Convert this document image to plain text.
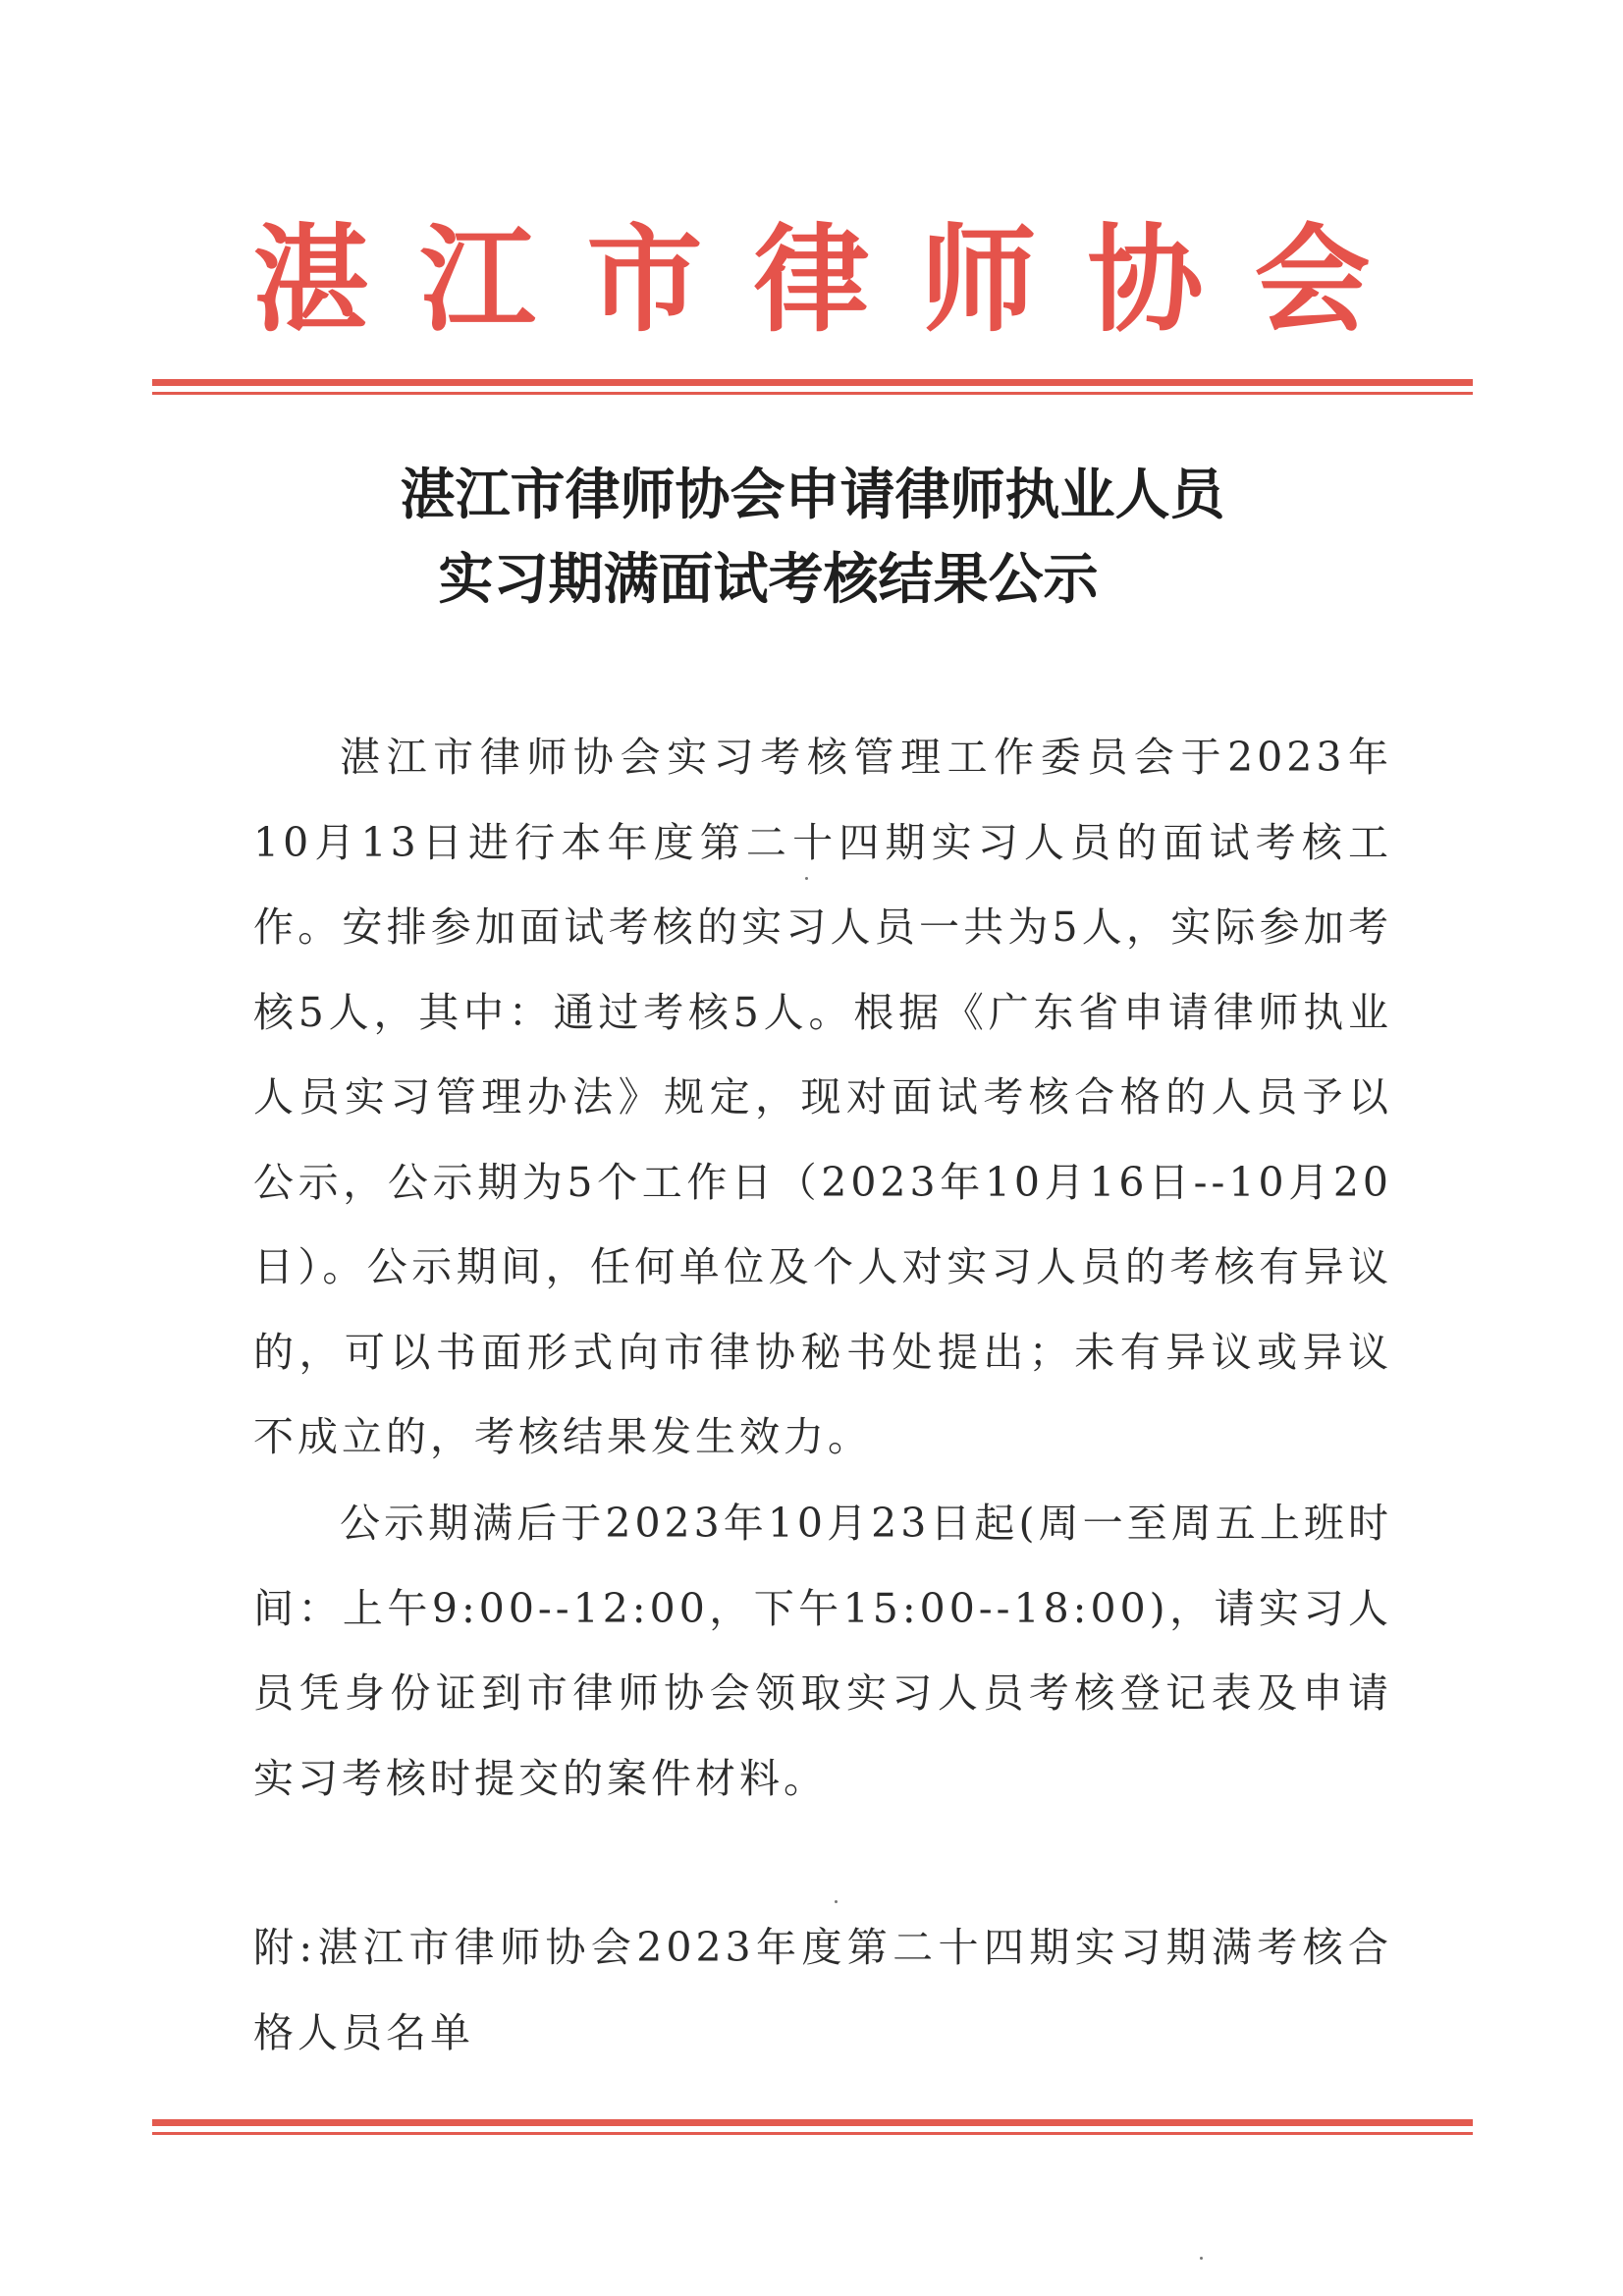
湛江市律师协会
湛江市律师协会申请律师执业人员
实习期满面试考核结果公示

湛江市律师协会实习考核管理工作委员会于2023年10月13日进行本年度第二十四期实习人员的面试考核工作。安排参加面试考核的实习人员一共为5人，实际参加考核5人，其中：通过考核5人。根据《广东省申请律师执业人员实习管理办法》规定，现对面试考核合格的人员予以公示，公示期为5个工作日（2023年10月16日--10月20日）。公示期间，任何单位及个人对实习人员的考核有异议的，可以书面形式向市律协秘书处提出；未有异议或异议不成立的，考核结果发生效力。

公示期满后于2023年10月23日起(周一至周五上班时间：上午9:00--12:00，下午15:00--18:00)，请实习人员凭身份证到市律师协会领取实习人员考核登记表及申请实习考核时提交的案件材料。

附:湛江市律师协会2023年度第二十四期实习期满考核合格人员名单
